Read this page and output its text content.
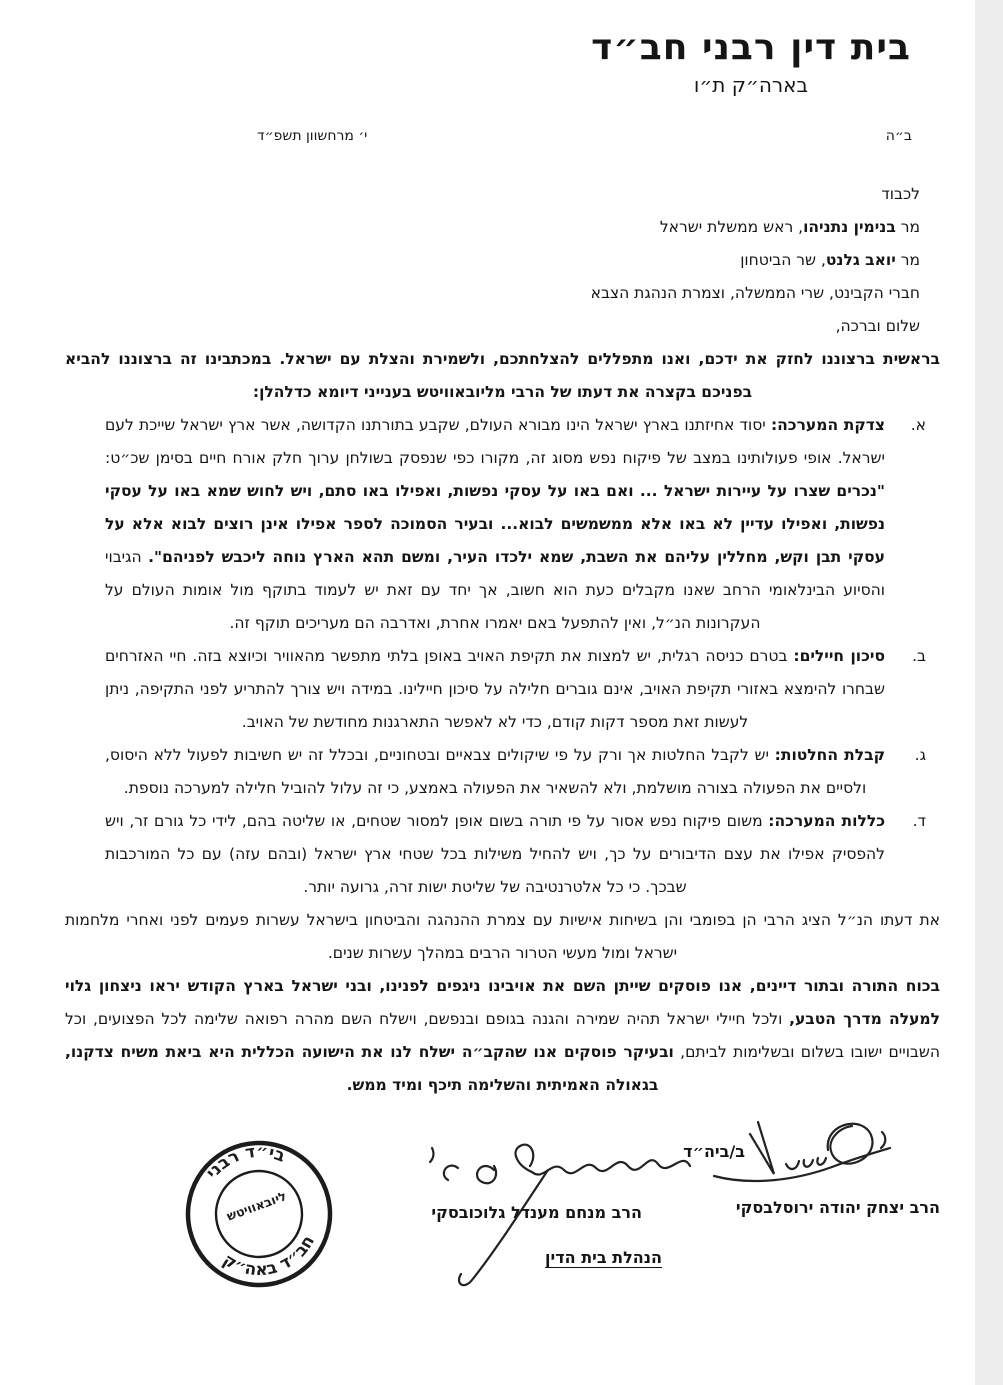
בית דין רבני חב״ד
בארה״ק ת״ו
ב״ה
י׳ מרחשוון תשפ״ד
לכבוד
מר בנימין נתניהו, ראש ממשלת ישראל
מר יואב גלנט, שר הביטחון
חברי הקבינט, שרי הממשלה, וצמרת הנהגת הצבא
שלום וברכה,

בראשית ברצוננו לחזק את ידכם, ואנו מתפללים להצלחתכם, ולשמירת והצלת עם ישראל. במכתבינו זה ברצוננו להביא בפניכם בקצרה את דעתו של הרבי מליובאוויטש בענייני דיומא כדלהלן:

א.
צדקת המערכה: יסוד אחיזתנו בארץ ישראל הינו מבורא העולם, שקבע בתורתנו הקדושה, אשר ארץ ישראל שייכת לעם ישראל. אופי פעולותינו במצב של פיקוח נפש מסוג זה, מקורו כפי שנפסק בשולחן ערוך חלק אורח חיים בסימן שכ״ט: "נכרים שצרו על עיירות ישראל ... ואם באו על עסקי נפשות, ואפילו באו סתם, ויש לחוש שמא באו על עסקי נפשות, ואפילו עדיין לא באו אלא ממשמשים לבוא... ובעיר הסמוכה לספר אפילו אינן רוצים לבוא אלא על עסקי תבן וקש, מחללין עליהם את השבת, שמא ילכדו העיר, ומשם תהא הארץ נוחה ליכבש לפניהם". הגיבוי והסיוע הבינלאומי הרחב שאנו מקבלים כעת הוא חשוב, אך יחד עם זאת יש לעמוד בתוקף מול אומות העולם על העקרונות הנ״ל, ואין להתפעל באם יאמרו אחרת, ואדרבה הם מעריכים תוקף זה.
ב.
סיכון חיילים: בטרם כניסה רגלית, יש למצות את תקיפת האויב באופן בלתי מתפשר מהאוויר וכיוצא בזה. חיי האזרחים שבחרו להימצא באזורי תקיפת האויב, אינם גוברים חלילה על סיכון חיילינו. במידה ויש צורך להתריע לפני התקיפה, ניתן לעשות זאת מספר דקות קודם, כדי לא לאפשר התארגנות מחודשת של האויב.
ג.
קבלת החלטות: יש לקבל החלטות אך ורק על פי שיקולים צבאיים ובטחוניים, ובכלל זה יש חשיבות לפעול ללא היסוס, ולסיים את הפעולה בצורה מושלמת, ולא להשאיר את הפעולה באמצע, כי זה עלול להוביל חלילה למערכה נוספת.
ד.
כללות המערכה: משום פיקוח נפש אסור על פי תורה בשום אופן למסור שטחים, או שליטה בהם, לידי כל גורם זר, ויש להפסיק אפילו את עצם הדיבורים על כך, ויש להחיל משילות בכל שטחי ארץ ישראל (ובהם עזה) עם כל המורכבות שבכך. כי כל אלטרנטיבה של שליטת ישות זרה, גרועה יותר.

את דעתו הנ״ל הציג הרבי הן בפומבי והן בשיחות אישיות עם צמרת ההנהגה והביטחון בישראל עשרות פעמים לפני ואחרי מלחמות ישראל ומול מעשי הטרור הרבים במהלך עשרות שנים.

בכוח התורה ובתור דיינים, אנו פוסקים שייתן השם את אויבינו ניגפים לפנינו, ובני ישראל בארץ הקודש יראו ניצחון גלוי למעלה מדרך הטבע, ולכל חיילי ישראל תהיה שמירה והגנה בגופם ובנפשם, וישלח השם מהרה רפואה שלימה לכל הפצועים, וכל השבויים ישובו בשלום ובשלימות לביתם, ובעיקר פוסקים אנו שהקב״ה ישלח לנו את הישועה הכללית היא ביאת משיח צדקנו, בגאולה האמיתית והשלימה תיכף ומיד ממש.

ב/ביה״ד
הרב יצחק יהודה ירוסלבסקי
הרב מנחם מענדל גלוכובסקי
הנהלת בית הדין
בי״ד רבני
חב״ד באה״ק
ליובאוויטש
